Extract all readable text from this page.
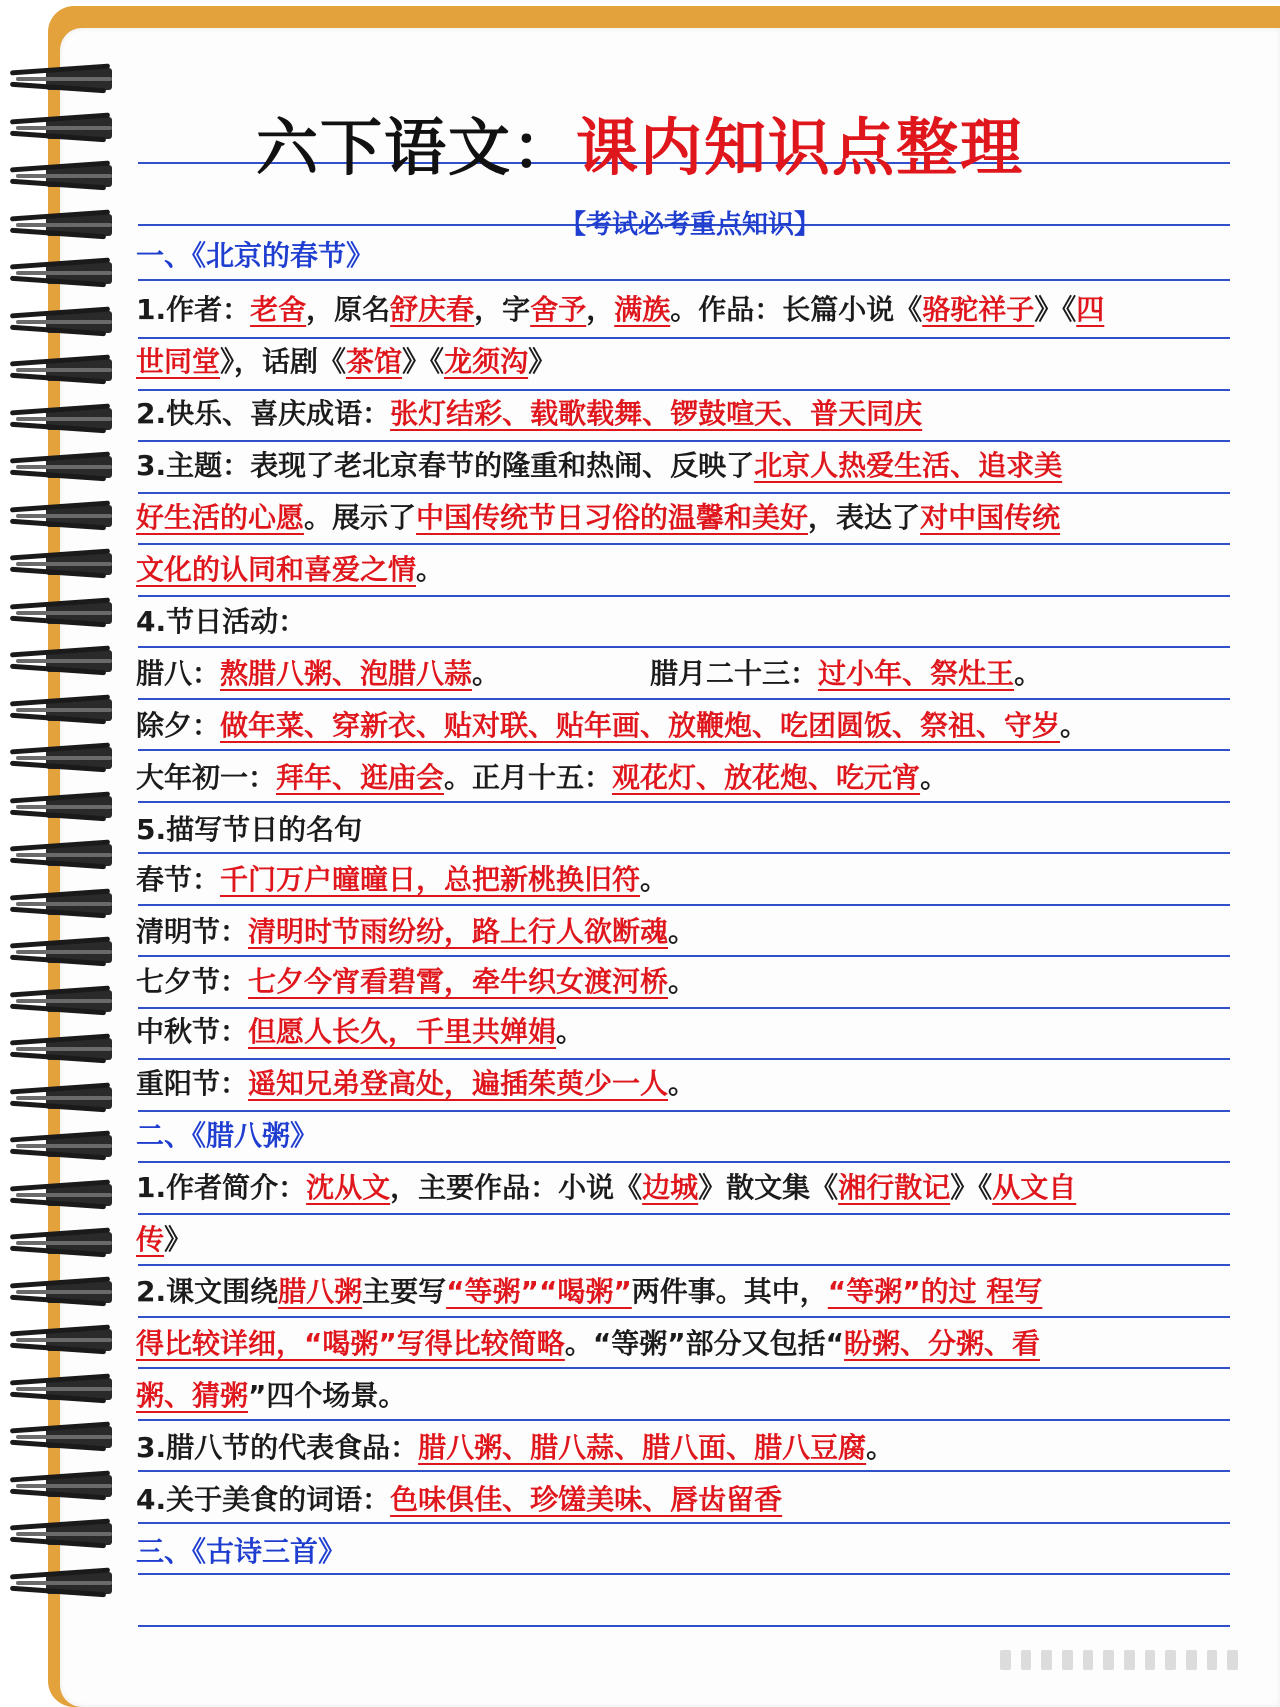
六下语文：课内知识点整理
【考试必考重点知识】
一、《北京的春节》
1.作者：老舍，原名舒庆春，字舍予，满族。作品：长篇小说《骆驼祥子》《四
世同堂》，话剧《茶馆》《龙须沟》
2.快乐、喜庆成语：张灯结彩、载歌载舞、锣鼓喧天、普天同庆
3.主题：表现了老北京春节的隆重和热闹、反映了北京人热爱生活、追求美
好生活的心愿。展示了中国传统节日习俗的温馨和美好，表达了对中国传统
文化的认同和喜爱之情。
4.节日活动：
腊八：熬腊八粥、泡腊八蒜。	腊月二十三：过小年、祭灶王。
除夕：做年菜、穿新衣、贴对联、贴年画、放鞭炮、吃团圆饭、祭祖、守岁。
大年初一：拜年、逛庙会。正月十五：观花灯、放花炮、吃元宵。
5.描写节日的名句
春节：千门万户曈曈日，总把新桃换旧符。
清明节：清明时节雨纷纷，路上行人欲断魂。
七夕节：七夕今宵看碧霄，牵牛织女渡河桥。
中秋节：但愿人长久，千里共婵娟。
重阳节：遥知兄弟登高处，遍插茱萸少一人。
二、《腊八粥》
1.作者简介：沈从文，主要作品：小说《边城》散文集《湘行散记》《从文自
传》
2.课文围绕腊八粥主要写“等粥”“喝粥”两件事。其中，“等粥”的过 程写
得比较详细，“喝粥”写得比较简略。“等粥”部分又包括“盼粥、分粥、看
粥、猜粥”四个场景。
3.腊八节的代表食品：腊八粥、腊八蒜、腊八面、腊八豆腐。
4.关于美食的词语：色味俱佳、珍馐美味、唇齿留香
三、《古诗三首》
